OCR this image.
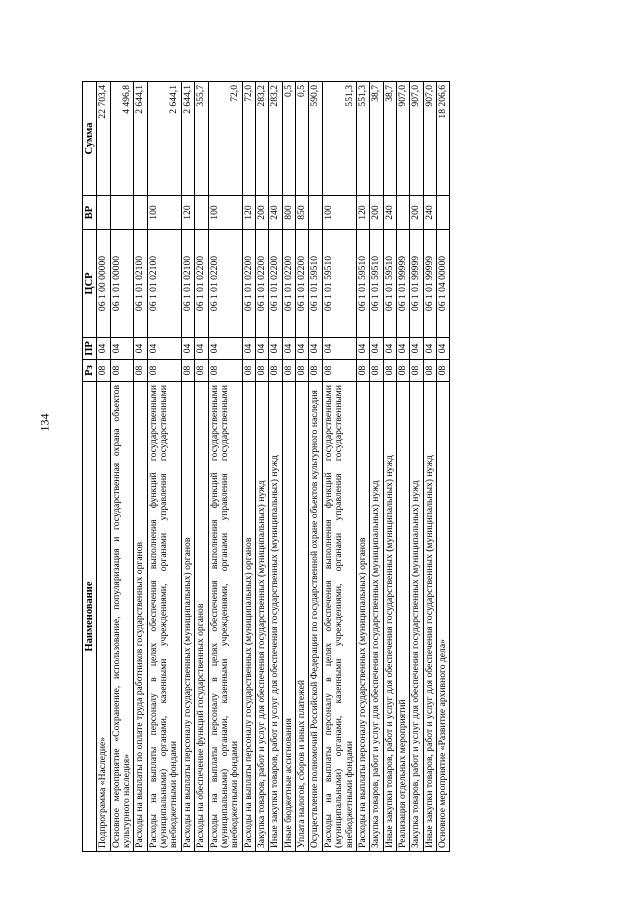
134
Наименование	Рз	ПР	ЦСР	ВР	Сумма
Подпрограмма «Наследие»	08	04	06 1 00 00000		22 703,4
Основное мероприятие «Сохранение, использование, популяризация и государственная охрана объектов культурного наследия»	08	04	06 1 01 00000		4 496,8
Расходы на выплаты по оплате труда работников государственных органов	08	04	06 1 01 02100		2 644,1
Расходы на выплаты персоналу в целях обеспечения выполнения функций государственными (муниципальными) органами, казенными учреждениями, органами управления государственными внебюджетными фондами	08	04	06 1 01 02100	100	2 644,1
Расходы на выплаты персоналу государственных (муниципальных) органов	08	04	06 1 01 02100	120	2 644,1
Расходы на обеспечение функций государственных органов	08	04	06 1 01 02200		355,7
Расходы на выплаты персоналу в целях обеспечения выполнения функций государственными (муниципальными) органами, казенными учреждениями, органами управления государственными внебюджетными фондами	08	04	06 1 01 02200	100	72,0
Расходы на выплаты персоналу государственных (муниципальных) органов	08	04	06 1 01 02200	120	72,0
Закупка товаров, работ и услуг для обеспечения государственных (муниципальных) нужд	08	04	06 1 01 02200	200	283,2
Иные закупки товаров, работ и услуг для обеспечения государственных (муниципальных) нужд	08	04	06 1 01 02200	240	283,2
Иные бюджетные ассигнования	08	04	06 1 01 02200	800	0,5
Уплата налогов, сборов и иных платежей	08	04	06 1 01 02200	850	0,5
Осуществление полномочий Российской Федерации по государственной охране объектов культурного наследия	08	04	06 1 01 59510		590,0
Расходы на выплаты персоналу в целях обеспечения выполнения функций государственными (муниципальными) органами, казенными учреждениями, органами управления государственными внебюджетными фондами	08	04	06 1 01 59510	100	551,3
Расходы на выплаты персоналу государственных (муниципальных) органов	08	04	06 1 01 59510	120	551,3
Закупка товаров, работ и услуг для обеспечения государственных (муниципальных) нужд	08	04	06 1 01 59510	200	38,7
Иные закупки товаров, работ и услуг для обеспечения государственных (муниципальных) нужд	08	04	06 1 01 59510	240	38,7
Реализация отдельных мероприятий	08	04	06 1 01 99999		907,0
Закупка товаров, работ и услуг для обеспечения государственных (муниципальных) нужд	08	04	06 1 01 99999	200	907,0
Иные закупки товаров, работ и услуг для обеспечения государственных (муниципальных) нужд	08	04	06 1 01 99999	240	907,0
Основное мероприятие «Развитие архивного дела»	08	04	06 1 04 00000		18 206,6
